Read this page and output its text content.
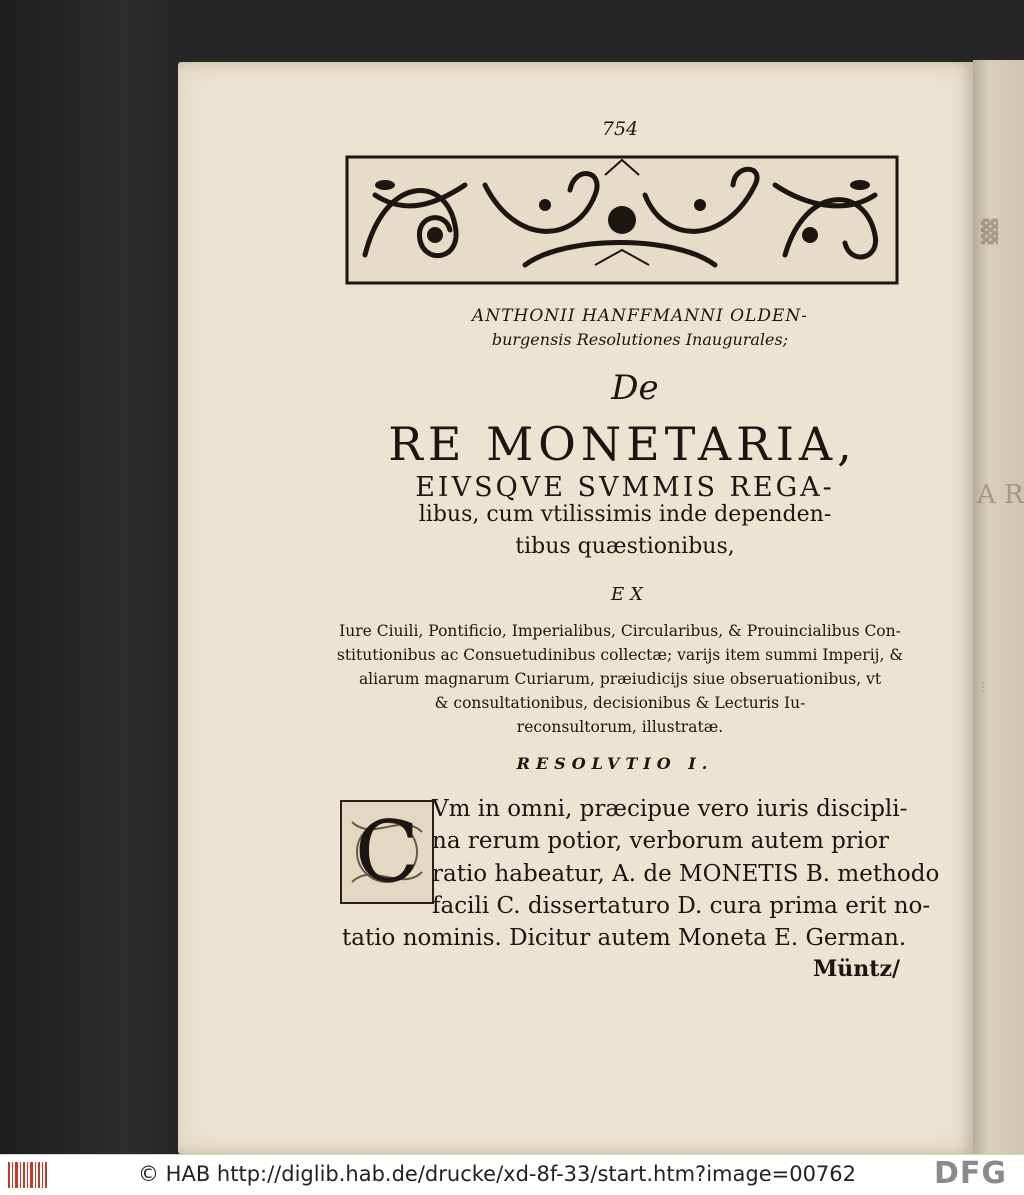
▓
A R
⋮
754
ANTHONII HANFFMANNI OLDEN-
burgensis Resolutiones Inaugurales;
De
RE MONETARIA,
EIVSQVE SVMMIS REGA-
libus, cum vtilissimis inde dependen-
tibus quæstionibus,
EX
Iure Ciuili, Pontificio, Imperialibus, Circularibus, & Prouincialibus Con-
stitutionibus ac Consuetudinibus collectæ; varijs item summi Imperij, &
aliarum magnarum Curiarum, præiudicijs siue obseruationibus, vt
& consultationibus, decisionibus & Lecturis Iu-
reconsultorum, illustratæ.
RESOLVTIO I.
C Vm in omni, præcipue vero iuris discipli-
na rerum potior, verborum autem prior
ratio habeatur, A. de MONETIS B. methodo
facili C. dissertaturo D. cura prima erit no-
tatio nominis. Dicitur autem Moneta E. German.
Müntz/
© HAB http://diglib.hab.de/drucke/xd-8f-33/start.htm?image=00762	DFG
